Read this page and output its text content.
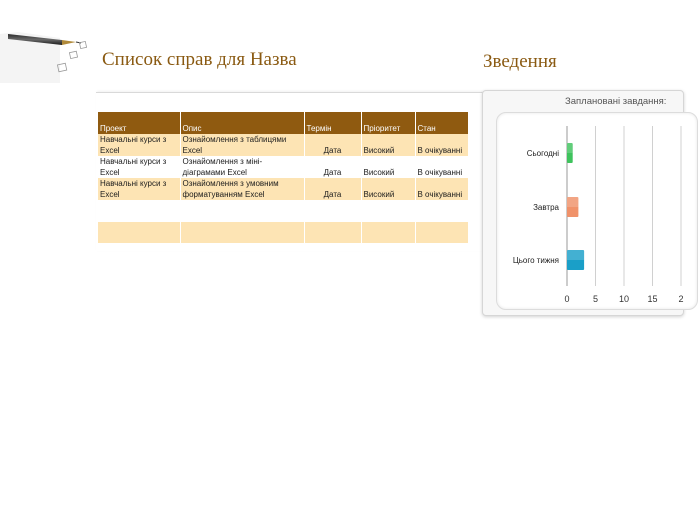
Список справ для Назва	Зведення
Проект	Опис	Термін	Пріоритет	Стан
Навчальні курси з Excel	Ознайомлення з таблицями Excel	Дата	Високий	В очікуванні
Навчальні курси з Excel	Ознайомлення з міні-діаграмами Excel	Дата	Високий	В очікуванні
Навчальні курси з Excel	Ознайомлення з умовним форматуванням Excel	Дата	Високий	В очікуванні

Заплановані завдання:

0	5 10 15 2
Сьогодні
Завтра
Цього тижня
